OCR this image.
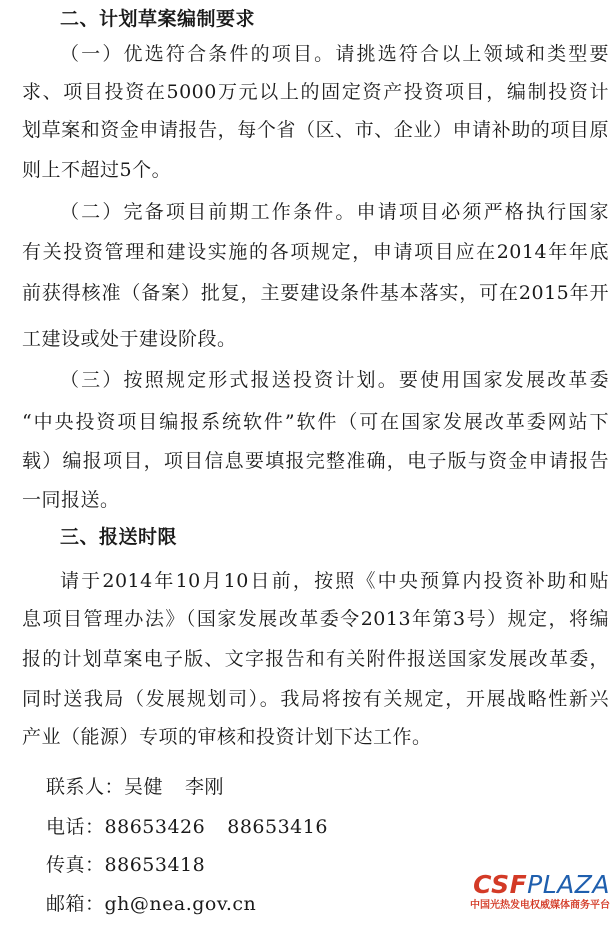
二、计划草案编制要求
（一）优选符合条件的项目。请挑选符合以上领域和类型要
求、项目投资在5000万元以上的固定资产投资项目，编制投资计
划草案和资金申请报告，每个省（区、市、企业）申请补助的项目原
则上不超过5个。
（二）完备项目前期工作条件。申请项目必须严格执行国家
有关投资管理和建设实施的各项规定，申请项目应在2014年年底
前获得核准（备案）批复，主要建设条件基本落实，可在2015年开
工建设或处于建设阶段。
（三）按照规定形式报送投资计划。要使用国家发展改革委
“中央投资项目编报系统软件”软件（可在国家发展改革委网站下
载）编报项目，项目信息要填报完整准确，电子版与资金申请报告
一同报送。
三、报送时限
请于2014年10月10日前，按照《中央预算内投资补助和贴
息项目管理办法》（国家发展改革委令2013年第3号）规定，将编
报的计划草案电子版、文字报告和有关附件报送国家发展改革委，
同时送我局（发展规划司）。我局将按有关规定，开展战略性新兴
产业（能源）专项的审核和投资计划下达工作。
联系人：吴健 李刚
电话：88653426 88653416
传真：88653418
邮箱：gh@nea.gov.cn
CSFPLAZA
中国光热发电权威媒体商务平台
